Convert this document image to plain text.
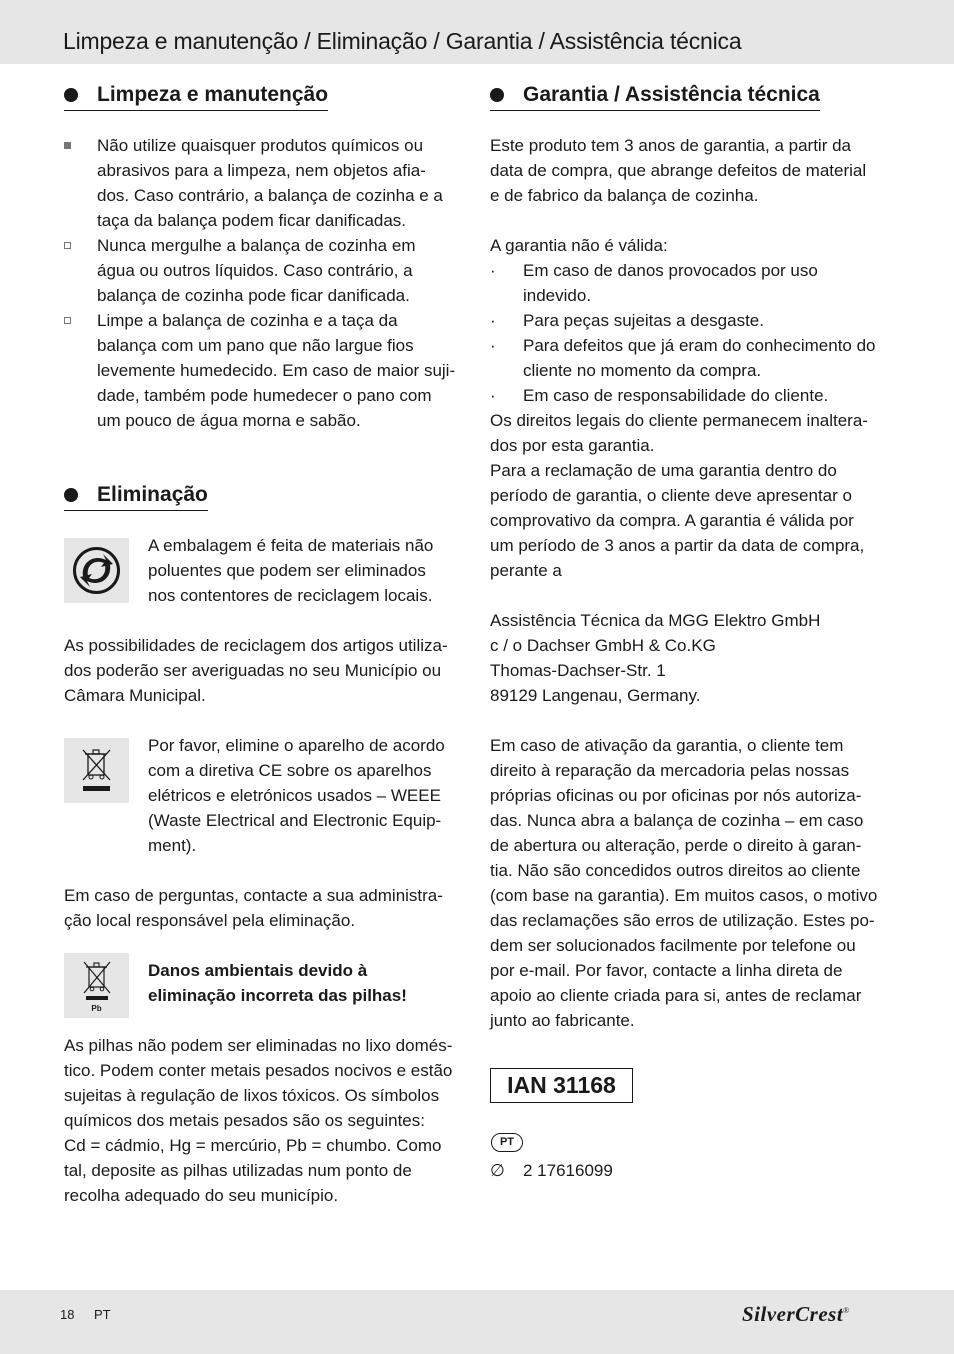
Limpeza e manutenção / Eliminação / Garantia / Assistência técnica
Limpeza e manutenção
Não utilize quaisquer produtos químicos ou
abrasivos para a limpeza, nem objetos afia-
dos. Caso contrário, a balança de cozinha e a
taça da balança podem ficar danificadas.
Nunca mergulhe a balança de cozinha em
água ou outros líquidos. Caso contrário, a
balança de cozinha pode ficar danificada.
Limpe a balança de cozinha e a taça da
balança com um pano que não largue fios
levemente humedecido. Em caso de maior suji-
dade, também pode humedecer o pano com
um pouco de água morna e sabão.
Eliminação
A embalagem é feita de materiais não
poluentes que podem ser eliminados
nos contentores de reciclagem locais.
As possibilidades de reciclagem dos artigos utiliza-
dos poderão ser averiguadas no seu Município ou
Câmara Municipal.
Por favor, elimine o aparelho de acordo
com a diretiva CE sobre os aparelhos
elétricos e eletrónicos usados – WEEE
(Waste Electrical and Electronic Equip-
ment).
Em caso de perguntas, contacte a sua administra-
ção local responsável pela eliminação.
Pb
Danos ambientais devido à
eliminação incorreta das pilhas!
As pilhas não podem ser eliminadas no lixo domés-
tico. Podem conter metais pesados nocivos e estão
sujeitas à regulação de lixos tóxicos. Os símbolos
químicos dos metais pesados são os seguintes:
Cd = cádmio, Hg = mercúrio, Pb = chumbo. Como
tal, deposite as pilhas utilizadas num ponto de
recolha adequado do seu município.
Garantia / Assistência técnica
Este produto tem 3 anos de garantia, a partir da
data de compra, que abrange defeitos de material
e de fabrico da balança de cozinha.
A garantia não é válida:
· Em caso de danos provocados por uso indevido.
· Para peças sujeitas a desgaste.
· Para defeitos que já eram do conhecimento do
cliente no momento da compra.
· Em caso de responsabilidade do cliente.
Os direitos legais do cliente permanecem inaltera-
dos por esta garantia.
Para a reclamação de uma garantia dentro do
período de garantia, o cliente deve apresentar o
comprovativo da compra. A garantia é válida por
um período de 3 anos a partir da data de compra,
perante a
Assistência Técnica da MGG Elektro GmbH
c / o Dachser GmbH & Co.KG
Thomas-Dachser-Str. 1
89129 Langenau, Germany.
Em caso de ativação da garantia, o cliente tem
direito à reparação da mercadoria pelas nossas
próprias oficinas ou por oficinas por nós autoriza-
das. Nunca abra a balança de cozinha – em caso
de abertura ou alteração, perde o direito à garan-
tia. Não são concedidos outros direitos ao cliente
(com base na garantia). Em muitos casos, o motivo
das reclamações são erros de utilização. Estes po-
dem ser solucionados facilmente por telefone ou
por e-mail. Por favor, contacte a linha direta de
apoio ao cliente criada para si, antes de reclamar
junto ao fabricante.
IAN 31168
PT
∅ 2 17616099
18 PT	SilverCrest®
